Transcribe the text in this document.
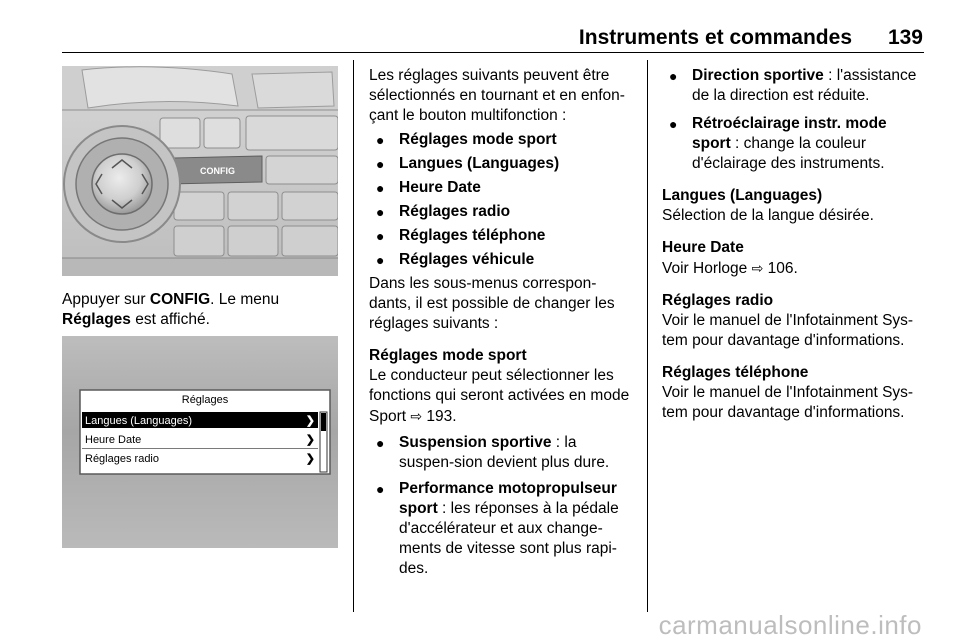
Instruments et commandes 139
CONFIG

Appuyer sur CONFIG. Le menu
Réglages est affiché.

Réglages
Langues (Languages)	❯
Heure Date	❯
Réglages radio	❯

Les réglages suivants peuvent être sélectionnés en tournant et en enfon-çant le bouton multifonction :

● Réglages mode sport

● Langues (Languages)

● Heure Date

● Réglages radio

● Réglages téléphone

● Réglages véhicule

Dans les sous-menus correspon-dants, il est possible de changer les réglages suivants :

Réglages mode sport

Le conducteur peut sélectionner les fonctions qui seront activées en mode Sport ⇨ 193.

● Suspension sportive : la suspen-sion devient plus dure.

● Performance motopropulseur sport : les réponses à la pédale d'accélérateur et aux change-ments de vitesse sont plus rapi-des.

● Direction sportive : l'assistance de la direction est réduite.

● Rétroéclairage instr. mode sport : change la couleur d'éclairage des instruments.

Langues (Languages)

Sélection de la langue désirée.

Heure Date

Voir Horloge ⇨ 106.

Réglages radio

Voir le manuel de l'Infotainment Sys-tem pour davantage d'informations.

Réglages téléphone

Voir le manuel de l'Infotainment Sys-tem pour davantage d'informations.

carmanualsonline.info
